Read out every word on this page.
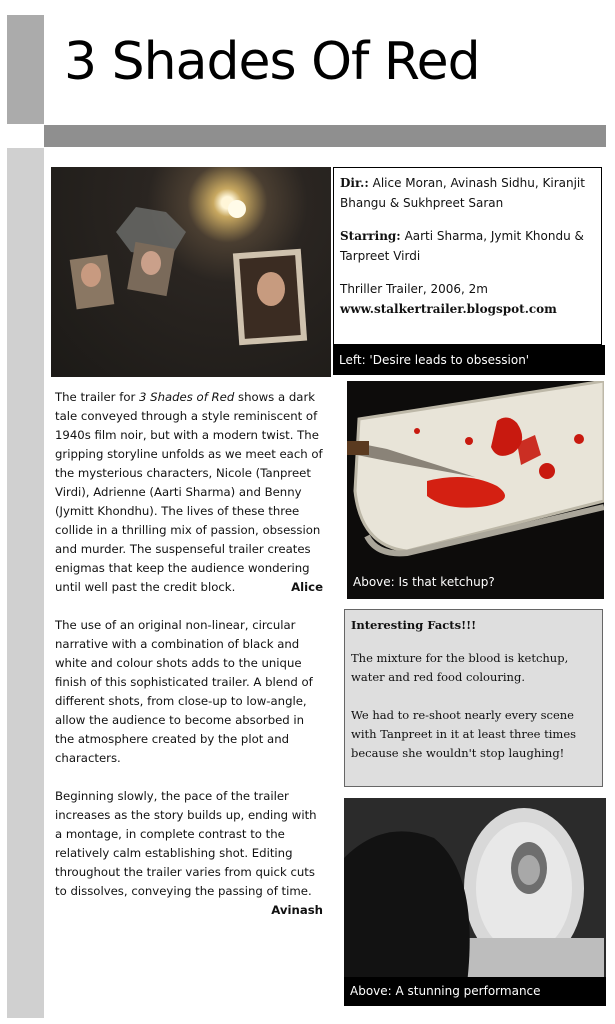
3 Shades Of Red

Dir.: Alice Moran, Avinash Sidhu, Kiranjit Bhangu & Sukhpreet Saran

Starring: Aarti Sharma, Jymit Khondu & Tarpreet Virdi

Thriller Trailer, 2006, 2m
www.stalkertrailer.blogspot.com

Left: 'Desire leads to obsession'

The trailer for 3 Shades of Red shows a dark tale conveyed through a style reminiscent of 1940s film noir, but with a modern twist. The gripping storyline unfolds as we meet each of the mysterious characters, Nicole (Tanpreet Virdi), Adrienne (Aarti Sharma) and Benny (Jymitt Khondhu). The lives of these three collide in a thrilling mix of passion, obsession and murder. The suspenseful trailer creates enigmas that keep the audience wondering until well past the credit block.	Alice

The use of an original non-linear, circular narrative with a combination of black and white and colour shots adds to the unique finish of this sophisticated trailer. A blend of different shots, from close-up to low-angle, allow the audience to become absorbed in the atmosphere created by the plot and characters.

Beginning slowly, the pace of the trailer increases as the story builds up, ending with a montage, in complete contrast to the relatively calm establishing shot. Editing throughout the trailer varies from quick cuts to dissolves, conveying the passing of time.
Avinash

Above: Is that ketchup?

Interesting Facts!!!

The mixture for the blood is ketchup, water and red food colouring.

We had to re-shoot nearly every scene with Tanpreet in it at least three times because she wouldn't stop laughing!

Above: A stunning performance
